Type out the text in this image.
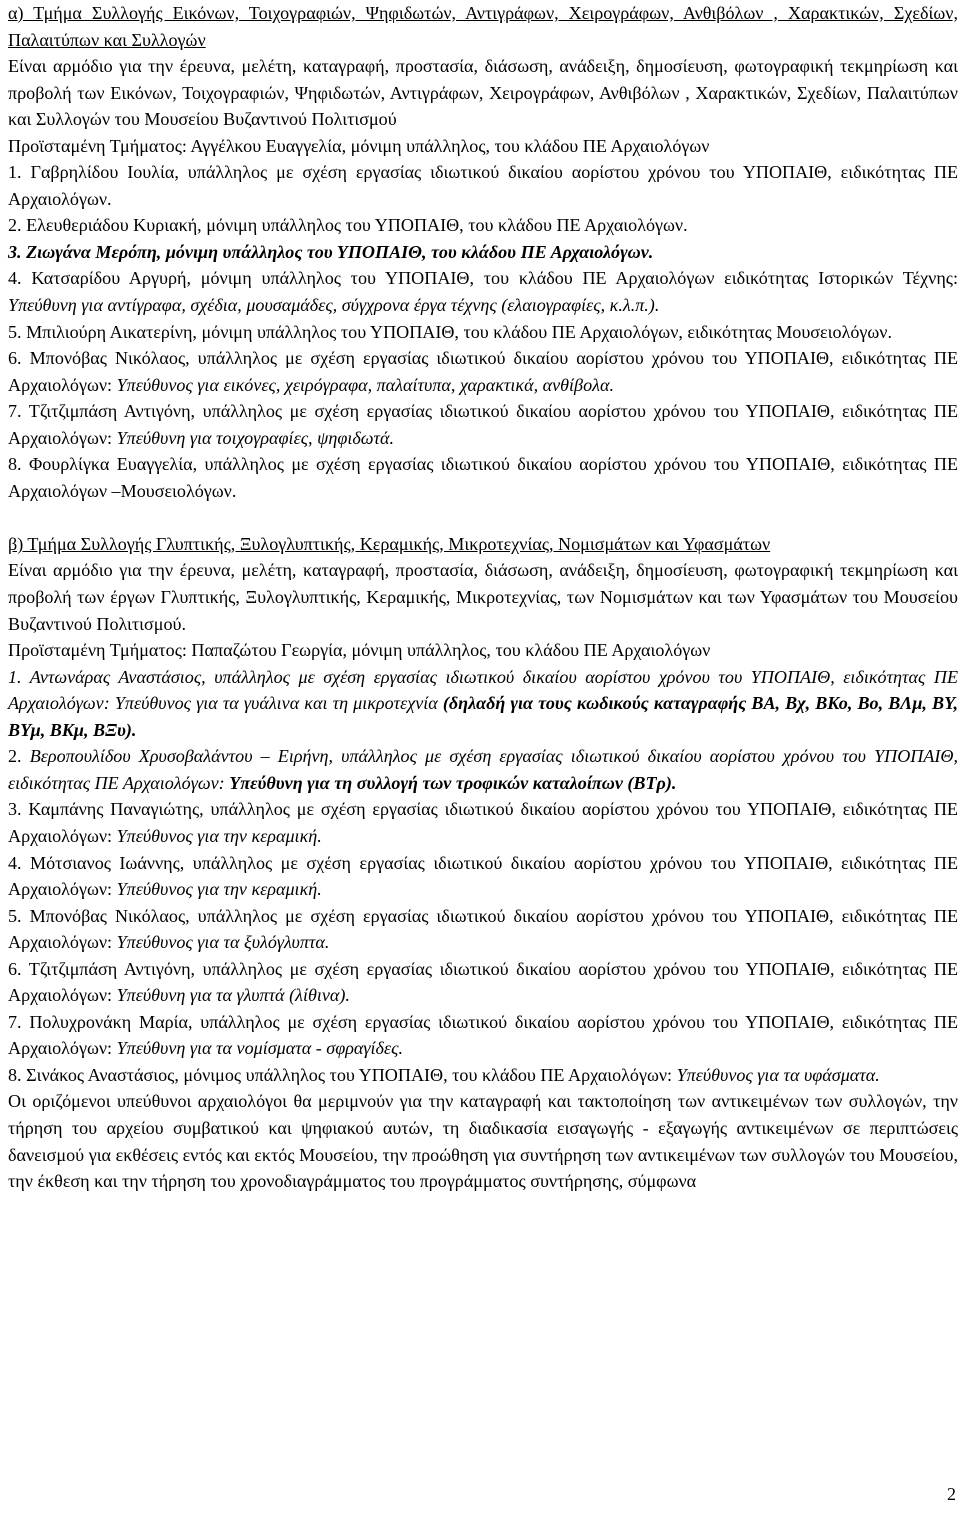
α) Τμήμα Συλλογής Εικόνων, Τοιχογραφιών, Ψηφιδωτών, Αντιγράφων, Χειρογράφων, Ανθιβόλων , Χαρακτικών, Σχεδίων, Παλαιτύπων και Συλλογών

Είναι αρμόδιο για την έρευνα, μελέτη, καταγραφή, προστασία, διάσωση, ανάδειξη, δημοσίευση, φωτογραφική τεκμηρίωση και προβολή των Εικόνων, Τοιχογραφιών, Ψηφιδωτών, Αντιγράφων, Χειρογράφων, Ανθιβόλων , Χαρακτικών, Σχεδίων, Παλαιτύπων και Συλλογών του Μουσείου Βυζαντινού Πολιτισμού

Προϊσταμένη Τμήματος: Αγγέλκου Ευαγγελία, μόνιμη υπάλληλος, του κλάδου ΠΕ Αρχαιολόγων

1. Γαβρηλίδου Ιουλία, υπάλληλος με σχέση εργασίας ιδιωτικού δικαίου αορίστου χρόνου του ΥΠΟΠΑΙΘ, ειδικότητας ΠΕ Αρχαιολόγων.

2. Ελευθεριάδου Κυριακή, μόνιμη υπάλληλος του ΥΠΟΠΑΙΘ, του κλάδου ΠΕ Αρχαιολόγων.

3. Ζιωγάνα Μερόπη, μόνιμη υπάλληλος του ΥΠΟΠΑΙΘ, του κλάδου ΠΕ Αρχαιολόγων.

4. Κατσαρίδου Αργυρή, μόνιμη υπάλληλος του ΥΠΟΠΑΙΘ, του κλάδου ΠΕ Αρχαιολόγων ειδικότητας Ιστορικών Τέχνης: Υπεύθυνη για αντίγραφα, σχέδια, μουσαμάδες, σύγχρονα έργα τέχνης (ελαιογραφίες, κ.λ.π.).

5. Μπιλιούρη Αικατερίνη, μόνιμη υπάλληλος του ΥΠΟΠΑΙΘ, του κλάδου ΠΕ Αρχαιολόγων, ειδικότητας Μουσειολόγων.

6. Μπονόβας Νικόλαος, υπάλληλος με σχέση εργασίας ιδιωτικού δικαίου αορίστου χρόνου του ΥΠΟΠΑΙΘ, ειδικότητας ΠΕ Αρχαιολόγων: Υπεύθυνος για εικόνες, χειρόγραφα, παλαίτυπα, χαρακτικά, ανθίβολα.

7. Τζιτζιμπάση Αντιγόνη, υπάλληλος με σχέση εργασίας ιδιωτικού δικαίου αορίστου χρόνου του ΥΠΟΠΑΙΘ, ειδικότητας ΠΕ Αρχαιολόγων: Υπεύθυνη για τοιχογραφίες, ψηφιδωτά.

8. Φουρλίγκα Ευαγγελία, υπάλληλος με σχέση εργασίας ιδιωτικού δικαίου αορίστου χρόνου του ΥΠΟΠΑΙΘ, ειδικότητας ΠΕ Αρχαιολόγων –Μουσειολόγων.

β) Τμήμα Συλλογής Γλυπτικής, Ξυλογλυπτικής, Κεραμικής, Μικροτεχνίας, Νομισμάτων και Υφασμάτων

Είναι αρμόδιο για την έρευνα, μελέτη, καταγραφή, προστασία, διάσωση, ανάδειξη, δημοσίευση, φωτογραφική τεκμηρίωση και προβολή των έργων Γλυπτικής, Ξυλογλυπτικής, Κεραμικής, Μικροτεχνίας, των Νομισμάτων και των Υφασμάτων του Μουσείου Βυζαντινού Πολιτισμού.

Προϊσταμένη Τμήματος: Παπαζώτου Γεωργία, μόνιμη υπάλληλος, του κλάδου ΠΕ Αρχαιολόγων

1. Αντωνάρας Αναστάσιος, υπάλληλος με σχέση εργασίας ιδιωτικού δικαίου αορίστου χρόνου του ΥΠΟΠΑΙΘ, ειδικότητας ΠΕ Αρχαιολόγων: Υπεύθυνος για τα γυάλινα και τη μικροτεχνία (δηλαδή για τους κωδικούς καταγραφής ΒΑ, Βχ, ΒΚο, Βο, ΒΛμ, ΒΥ, ΒΥμ, ΒΚμ, ΒΞυ).

2. Βεροπουλίδου Χρυσοβαλάντου – Ειρήνη, υπάλληλος με σχέση εργασίας ιδιωτικού δικαίου αορίστου χρόνου του ΥΠΟΠΑΙΘ, ειδικότητας ΠΕ Αρχαιολόγων: Υπεύθυνη για τη συλλογή των τροφικών καταλοίπων (ΒΤρ).

3. Καμπάνης Παναγιώτης, υπάλληλος με σχέση εργασίας ιδιωτικού δικαίου αορίστου χρόνου του ΥΠΟΠΑΙΘ, ειδικότητας ΠΕ Αρχαιολόγων: Υπεύθυνος για την κεραμική.

4. Μότσιανος Ιωάννης, υπάλληλος με σχέση εργασίας ιδιωτικού δικαίου αορίστου χρόνου του ΥΠΟΠΑΙΘ, ειδικότητας ΠΕ Αρχαιολόγων: Υπεύθυνος για την κεραμική.

5. Μπονόβας Νικόλαος, υπάλληλος με σχέση εργασίας ιδιωτικού δικαίου αορίστου χρόνου του ΥΠΟΠΑΙΘ, ειδικότητας ΠΕ Αρχαιολόγων: Υπεύθυνος για τα ξυλόγλυπτα.

6. Τζιτζιμπάση Αντιγόνη, υπάλληλος με σχέση εργασίας ιδιωτικού δικαίου αορίστου χρόνου του ΥΠΟΠΑΙΘ, ειδικότητας ΠΕ Αρχαιολόγων: Υπεύθυνη για τα γλυπτά (λίθινα).

7. Πολυχρονάκη Μαρία, υπάλληλος με σχέση εργασίας ιδιωτικού δικαίου αορίστου χρόνου του ΥΠΟΠΑΙΘ, ειδικότητας ΠΕ Αρχαιολόγων: Υπεύθυνη για τα νομίσματα - σφραγίδες.

8. Σινάκος Αναστάσιος, μόνιμος υπάλληλος του ΥΠΟΠΑΙΘ, του κλάδου ΠΕ Αρχαιολόγων: Υπεύθυνος για τα υφάσματα.

Οι οριζόμενοι υπεύθυνοι αρχαιολόγοι θα μεριμνούν για την καταγραφή και τακτοποίηση των αντικειμένων των συλλογών, την τήρηση του αρχείου συμβατικού και ψηφιακού αυτών, τη διαδικασία εισαγωγής - εξαγωγής αντικειμένων σε περιπτώσεις δανεισμού για εκθέσεις εντός και εκτός Μουσείου, την προώθηση για συντήρηση των αντικειμένων των συλλογών του Μουσείου, την έκθεση και την τήρηση του χρονοδιαγράμματος του προγράμματος συντήρησης, σύμφωνα

2
